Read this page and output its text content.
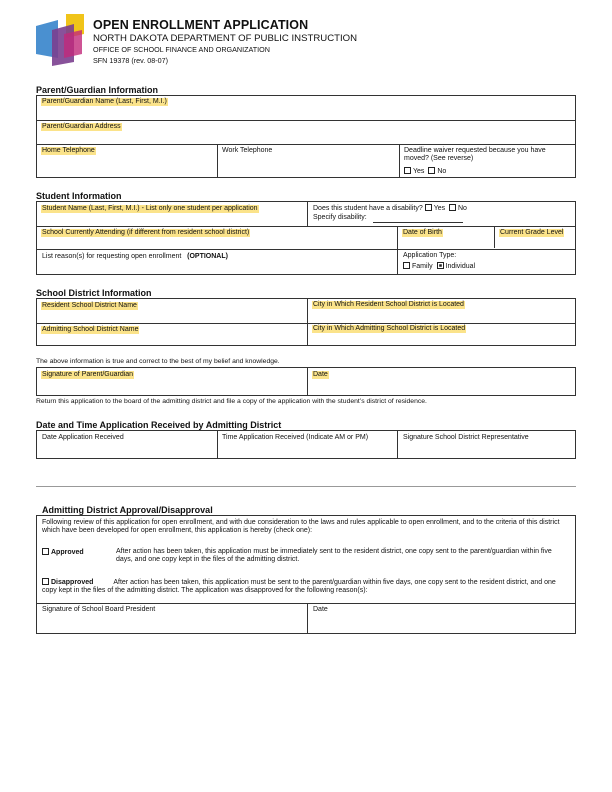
OPEN ENROLLMENT APPLICATION
NORTH DAKOTA DEPARTMENT OF PUBLIC INSTRUCTION
OFFICE OF SCHOOL FINANCE AND ORGANIZATION
SFN 19378 (rev. 08-07)
Parent/Guardian Information
Parent/Guardian Name (Last, First, M.I.)
Parent/Guardian Address
Home Telephone	Work Telephone	Deadline waiver requested because you have moved? (See reverse)
Yes No
Student Information
Student Name (Last, First, M.I.) - List only one student per application	Does this student have a disability? Yes No
Specify disability:
School Currently Attending (if different from resident school district)	Date of Birth	Current Grade Level
List reason(s) for requesting open enrollment (OPTIONAL)	Application Type:
Family Individual
School District Information
Resident School District Name	City in Which Resident School District is Located
Admitting School District Name	City in Which Admitting School District is Located
The above information is true and correct to the best of my belief and knowledge.
Signature of Parent/Guardian	Date
Return this application to the board of the admitting district and file a copy of the application with the student’s district of residence.
Date and Time Application Received by Admitting District
Date Application Received	Time Application Received (Indicate AM or PM)	Signature School District Representative
Admitting District Approval/Disapproval
Following review of this application for open enrollment, and with due consideration to the laws and rules applicable to open enrollment, and to the criteria of this district which have been developed for open enrollment, this application is hereby (check one):
Approved	After action has been taken, this application must be immediately sent to the resident district, one copy sent to the parent/guardian within five days, and one copy kept in the files of the admitting district.
Disapproved	After action has been taken, this application must be sent to the parent/guardian within five days, one copy sent to the resident district, and one copy kept in the files of the admitting district. The application was disapproved for the following reason(s):
Signature of School Board President	Date
